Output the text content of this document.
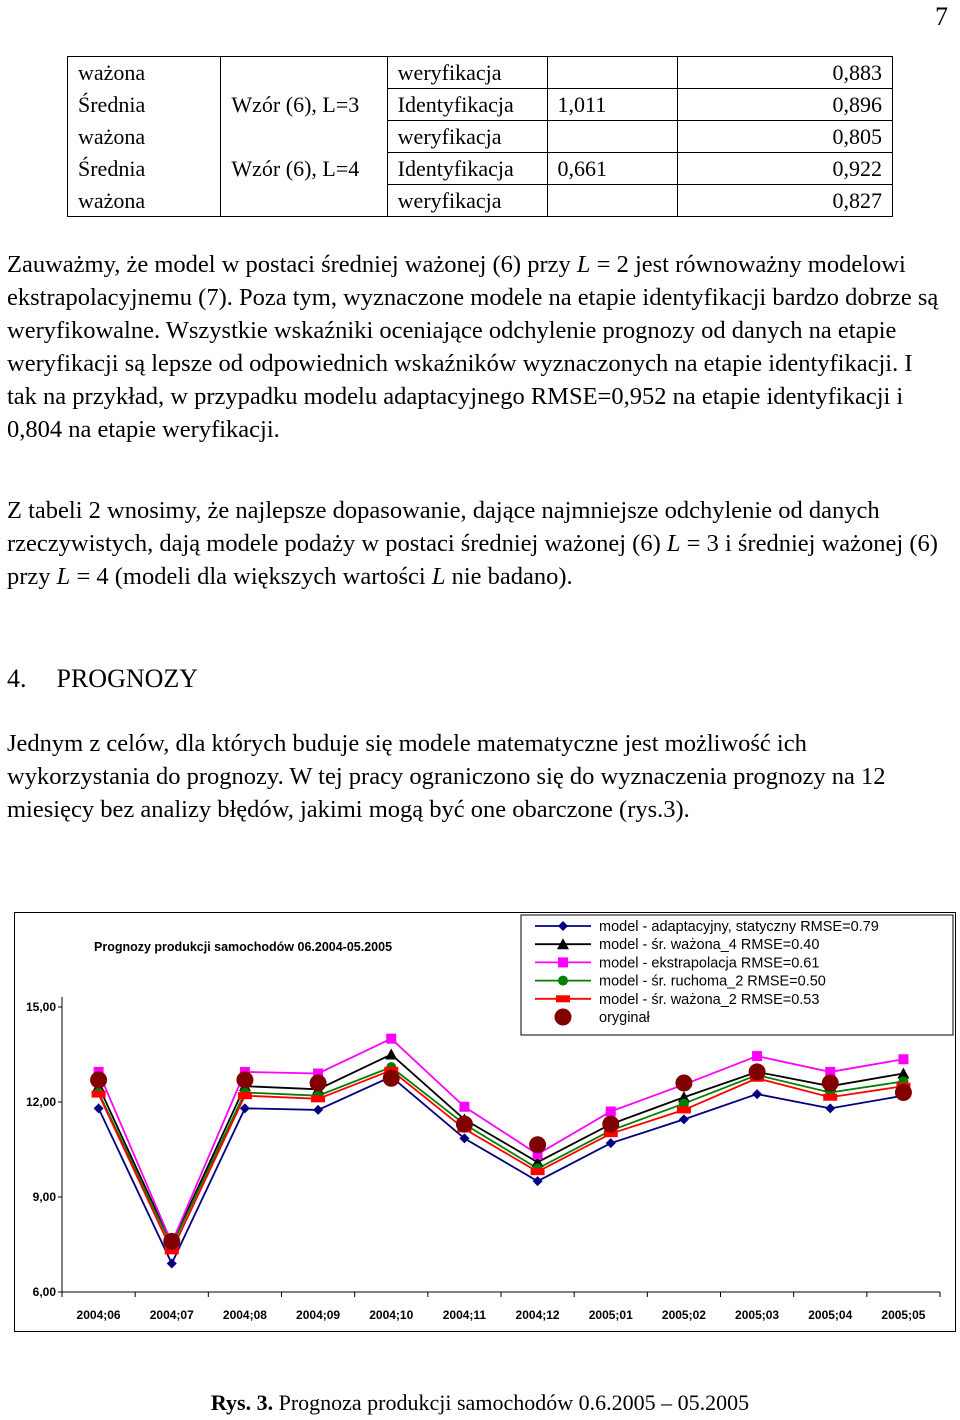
7
ważona		weryfikacja		0,883
Średnia	Wzór (6), L=3	Identyfikacja	1,011	0,896
ważona		weryfikacja		0,805
Średnia	Wzór (6), L=4	Identyfikacja	0,661	0,922
ważona		weryfikacja		0,827

Zauważmy, że model w postaci średniej ważonej (6) przy L = 2 jest równoważny modelowi ekstrapolacyjnemu (7). Poza tym, wyznaczone modele na etapie identyfikacji bardzo dobrze są weryfikowalne. Wszystkie wskaźniki oceniające odchylenie prognozy od danych na etapie weryfikacji są lepsze od odpowiednich wskaźników wyznaczonych na etapie identyfikacji. I tak na przykład, w przypadku modelu adaptacyjnego RMSE=0,952 na etapie identyfikacji i 0,804 na etapie weryfikacji.

Z tabeli 2 wnosimy, że najlepsze dopasowanie, dające najmniejsze odchylenie od danych rzeczywistych, dają modele podaży w postaci średniej ważonej (6) L = 3 i średniej ważonej (6) przy L = 4 (modeli dla większych wartości L nie badano).

4. PROGNOZY

Jednym z celów, dla których buduje się modele matematyczne jest możliwość ich wykorzystania do prognozy. W tej pracy ograniczono się do wyznaczenia prognozy na 12 miesięcy bez analizy błędów, jakimi mogą być one obarczone (rys.3).

6,00
9,00
12,00
15,00
2004;06 2004;07 2004;08 2004;09 2004;10 2004;11 2004;12 2005;01 2005;02 2005;03 2005;04 2005;05
Prognozy produkcji samochodów 06.2004-05.2005
model - adaptacyjny, statyczny RMSE=0.79
model - śr. ważona_4 RMSE=0.40
model - ekstrapolacja RMSE=0.61
model - śr. ruchoma_2 RMSE=0.50
model - śr. ważona_2 RMSE=0.53
oryginał
Rys. 3. Prognoza produkcji samochodów 0.6.2005 – 05.2005
